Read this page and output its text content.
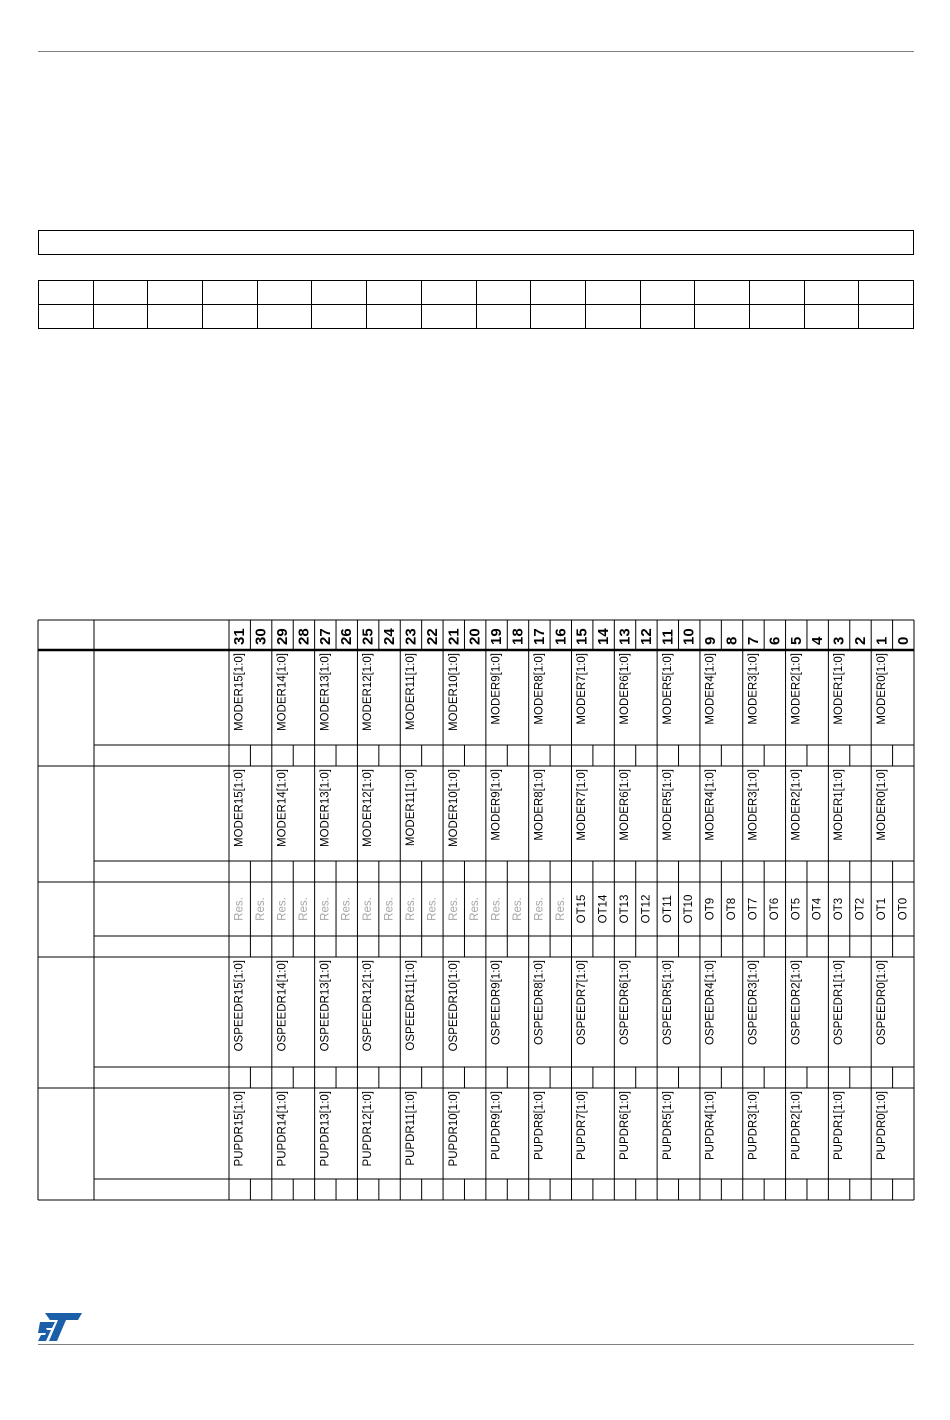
31 30 29 28 27 26 25 24 23 22 21 20 19 18 17 16 15 14 13 12 11 10 9 8 7 6 5 4 3 2 1 0
MODER15[1:0]	MODER14[1:0]	MODER13[1:0]	MODER12[1:0]	MODER11[1:0]	MODER10[1:0]	MODER9[1:0]	MODER8[1:0]	MODER7[1:0]	MODER6[1:0]	MODER5[1:0]	MODER4[1:0]	MODER3[1:0]	MODER2[1:0]	MODER1[1:0]	MODER0[1:0]
MODER15[1:0]	MODER14[1:0]	MODER13[1:0]	MODER12[1:0]	MODER11[1:0]	MODER10[1:0]	MODER9[1:0]	MODER8[1:0]	MODER7[1:0]	MODER6[1:0]	MODER5[1:0]	MODER4[1:0]	MODER3[1:0]	MODER2[1:0]	MODER1[1:0]	MODER0[1:0]
Res. Res. Res. Res. Res. Res. Res. Res. Res. Res. Res. Res. Res. Res. Res. Res. OT15 OT14 OT13 OT12 OT11 OT10 OT9 OT8 OT7 OT6 OT5 OT4 OT3 OT2 OT1 OT0
OSPEEDR15[1:0]	OSPEEDR14[1:0]	OSPEEDR13[1:0]	OSPEEDR12[1:0]	OSPEEDR11[1:0]	OSPEEDR10[1:0]	OSPEEDR9[1:0]	OSPEEDR8[1:0]	OSPEEDR7[1:0]	OSPEEDR6[1:0]	OSPEEDR5[1:0]	OSPEEDR4[1:0]	OSPEEDR3[1:0]	OSPEEDR2[1:0]	OSPEEDR1[1:0]	OSPEEDR0[1:0]
PUPDR15[1:0]	PUPDR14[1:0]	PUPDR13[1:0]	PUPDR12[1:0]	PUPDR11[1:0]	PUPDR10[1:0]	PUPDR9[1:0]	PUPDR8[1:0]	PUPDR7[1:0]	PUPDR6[1:0]	PUPDR5[1:0]	PUPDR4[1:0]	PUPDR3[1:0]	PUPDR2[1:0]	PUPDR1[1:0]	PUPDR0[1:0]
